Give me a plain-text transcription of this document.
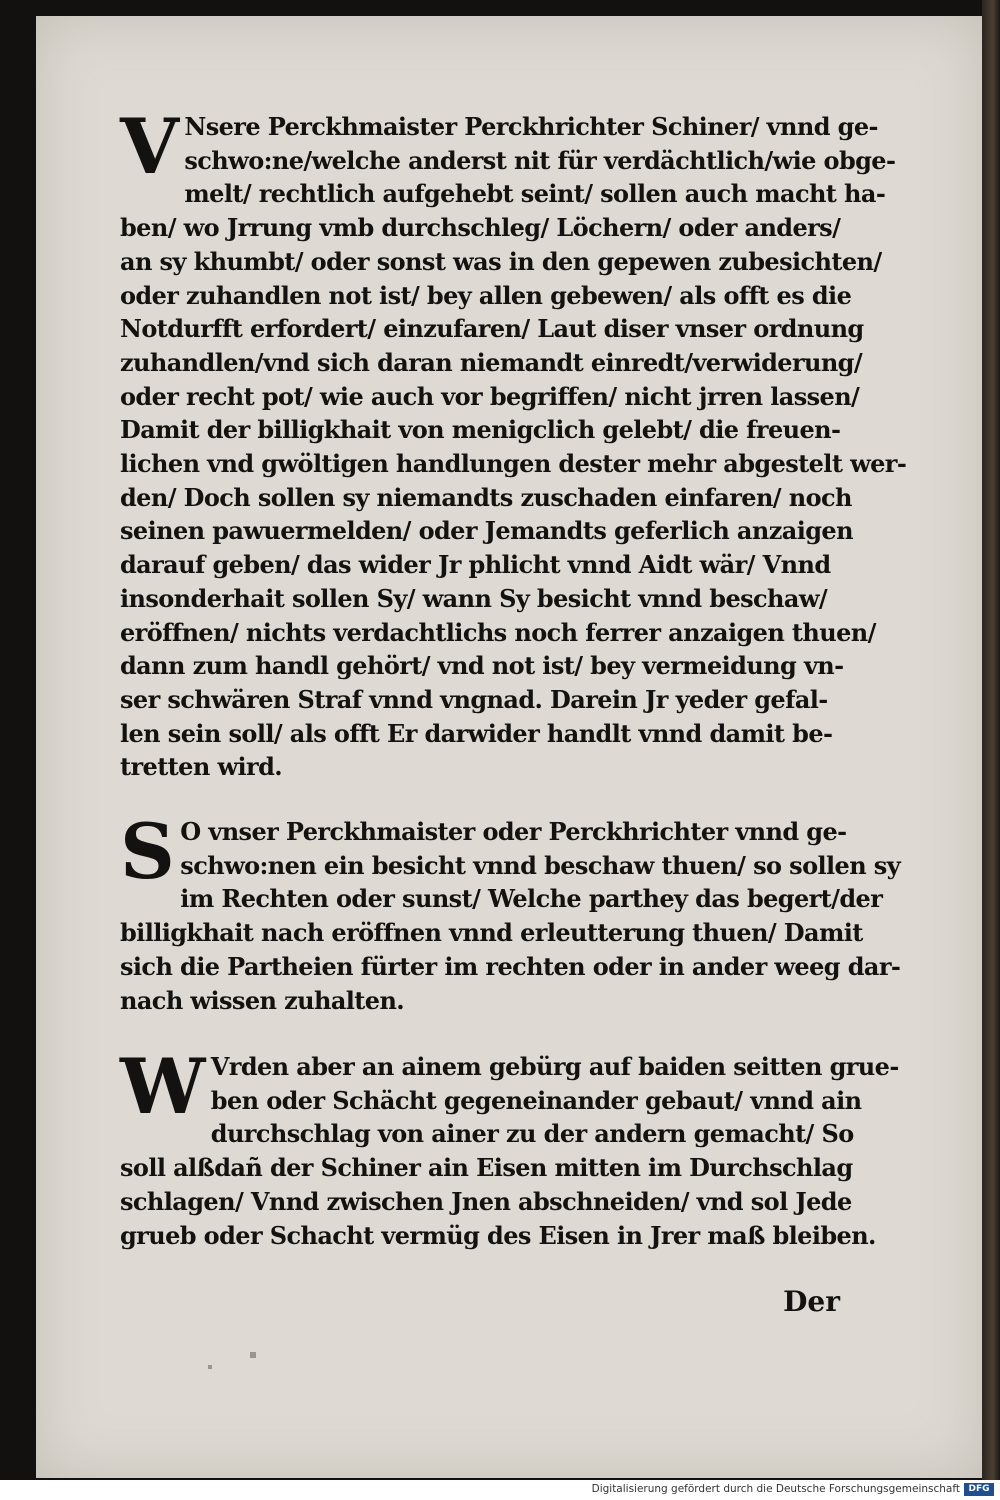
V Nsere Perckhmaister Perckhrichter Schiner/ vnnd ge-

schwo:ne/welche anderst nit für verdächtlich/wie obge-

melt/ rechtlich aufgehebt seint/ sollen auch macht ha-

ben/ wo Jrrung vmb durchschleg/ Löchern/ oder anders/

an sy khumbt/ oder sonst was in den gepewen zubesichten/

oder zuhandlen not ist/ bey allen gebewen/ als offt es die

Notdurfft erfordert/ einzufaren/ Laut diser vnser ordnung

zuhandlen/vnd sich daran niemandt einredt/verwiderung/

oder recht pot/ wie auch vor begriffen/ nicht jrren lassen/

Damit der billigkhait von menigclich gelebt/ die freuen-

lichen vnd gwöltigen handlungen dester mehr abgestelt wer-

den/ Doch sollen sy niemandts zuschaden einfaren/ noch

seinen pawuermelden/ oder Jemandts geferlich anzaigen

darauf geben/ das wider Jr phlicht vnnd Aidt wär/ Vnnd

insonderhait sollen Sy/ wann Sy besicht vnnd beschaw/

eröffnen/ nichts verdachtlichs noch ferrer anzaigen thuen/

dann zum handl gehört/ vnd not ist/ bey vermeidung vn-

ser schwären Straf vnnd vngnad. Darein Jr yeder gefal-

len sein soll/ als offt Er darwider handlt vnnd damit be-

tretten wird.

S O vnser Perckhmaister oder Perckhrichter vnnd ge-

schwo:nen ein besicht vnnd beschaw thuen/ so sollen sy

im Rechten oder sunst/ Welche parthey das begert/der

billigkhait nach eröffnen vnnd erleutterung thuen/ Damit

sich die Partheien fürter im rechten oder in ander weeg dar-

nach wissen zuhalten.

W Vrden aber an ainem gebürg auf baiden seitten grue-

ben oder Schächt gegeneinander gebaut/ vnnd ain

durchschlag von ainer zu der andern gemacht/ So

soll alßdañ der Schiner ain Eisen mitten im Durchschlag

schlagen/ Vnnd zwischen Jnen abschneiden/ vnd sol Jede

grueb oder Schacht vermüg des Eisen in Jrer maß bleiben.

Der
Digitalisierung gefördert durch die Deutsche Forschungsgemeinschaft DFG
